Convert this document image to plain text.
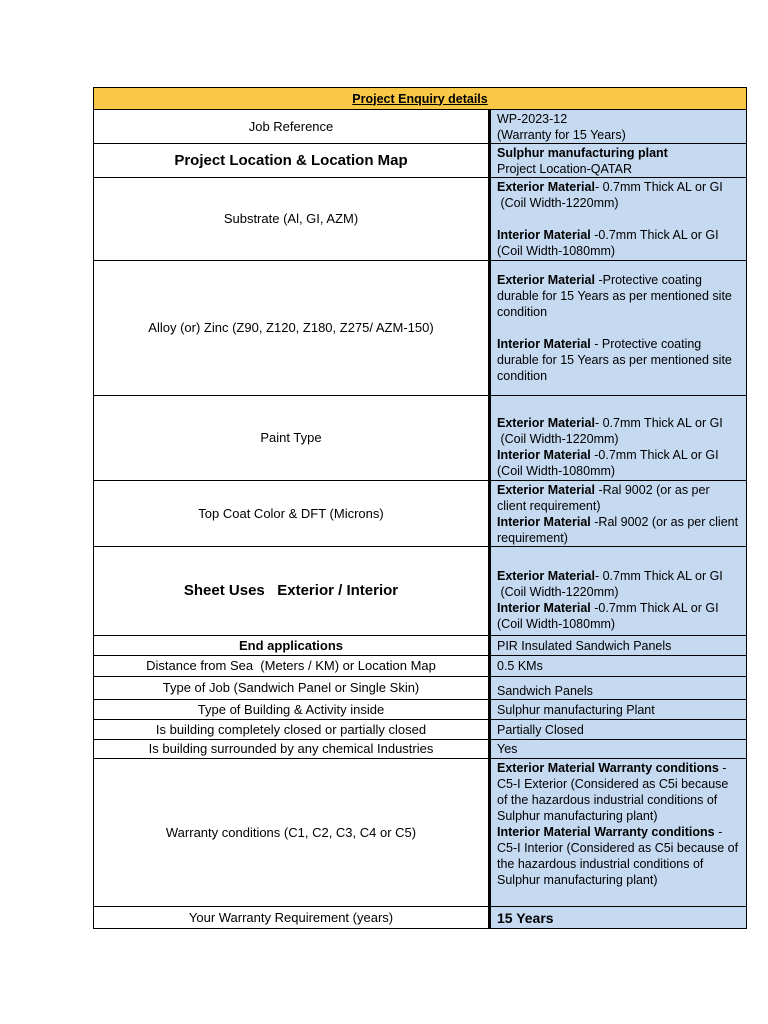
Project Enquiry details	
Job Reference	WP-2023-12
(Warranty for 15 Years)

Project Location & Location Map	Sulphur manufacturing plant
Project Location-QATAR

Substrate (Al, GI, AZM)	Exterior Material- 0.7mm Thick AL or GI
(Coil Width-1220mm)
Interior Material -0.7mm Thick AL or GI
(Coil Width-1080mm)

Alloy (or) Zinc (Z90, Z120, Z180, Z275/ AZM-150)	Exterior Material -Protective coating durable for 15 Years as per mentioned site condition
Interior Material - Protective coating durable for 15 Years as per mentioned site condition

Paint Type	Exterior Material- 0.7mm Thick AL or GI
(Coil Width-1220mm)
Interior Material -0.7mm Thick AL or GI
(Coil Width-1080mm)

Top Coat Color & DFT (Microns)	Exterior Material -Ral 9002 (or as per client requirement)
Interior Material -Ral 9002 (or as per client requirement)

Sheet Uses   Exterior / Interior	Exterior Material- 0.7mm Thick AL or GI
(Coil Width-1220mm)
Interior Material -0.7mm Thick AL or GI
(Coil Width-1080mm)

End applications	PIR Insulated Sandwich Panels
Distance from Sea  (Meters / KM) or Location Map	0.5 KMs
Type of Job (Sandwich Panel or Single Skin)	Sandwich Panels
Type of Building & Activity inside	Sulphur manufacturing Plant
Is building completely closed or partially closed	Partially Closed
Is building surrounded by any chemical Industries	Yes
Warranty conditions (C1, C2, C3, C4 or C5)	Exterior Material Warranty conditions - C5-I Exterior (Considered as C5i because of the hazardous industrial conditions of Sulphur manufacturing plant)
Interior Material Warranty conditions - C5-I Interior (Considered as C5i because of the hazardous industrial conditions of Sulphur manufacturing plant)

Your Warranty Requirement (years)	15 Years
